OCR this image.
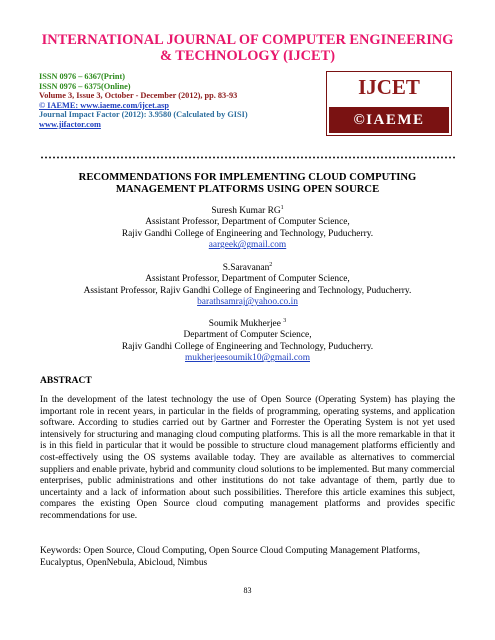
INTERNATIONAL JOURNAL OF COMPUTER ENGINEERING & TECHNOLOGY (IJCET)
ISSN 0976 – 6367(Print)
ISSN 0976 – 6375(Online)
Volume 3, Issue 3, October - December (2012), pp. 83-93
© IAEME: www.iaeme.com/ijcet.asp
Journal Impact Factor (2012): 3.9580 (Calculated by GISI)
www.jifactor.com
IJCET
©IAEME
RECOMMENDATIONS FOR IMPLEMENTING CLOUD COMPUTING MANAGEMENT PLATFORMS USING OPEN SOURCE
Suresh Kumar $RG^1$
Assistant Professor, Department of Computer Science,
Rajiv Gandhi College of Engineering and Technology, Puducherry.
aargeek@gmail.com
S.Saravanan$^2$
Assistant Professor, Department of Computer Science,
Assistant Professor, Rajiv Gandhi College of Engineering and Technology, Puducherry.
barathsamraj@yahoo.co.in
Soumik Mukherjee $^3$
Department of Computer Science,
Rajiv Gandhi College of Engineering and Technology, Puducherry.
mukherjeesoumik10@gmail.com
ABSTRACT
In the development of the latest technology the use of Open Source (Operating System) has playing the important role in recent years, in particular in the fields of programming, operating systems, and application software. According to studies carried out by Gartner and Forrester the Operating System is not yet used intensively for structuring and managing cloud computing platforms. This is all the more remarkable in that it is in this field in particular that it would be possible to structure cloud management platforms efficiently and cost-effectively using the OS systems available today. They are available as alternatives to commercial suppliers and enable private, hybrid and community cloud solutions to be implemented. But many commercial enterprises, public administrations and other institutions do not take advantage of them, partly due to uncertainty and a lack of information about such possibilities. Therefore this article examines this subject, compares the existing Open Source cloud computing management platforms and provides specific recommendations for use.
Keywords: Open Source, Cloud Computing, Open Source Cloud Computing Management Platforms, Eucalyptus, OpenNebula, Abicloud, Nimbus
83
